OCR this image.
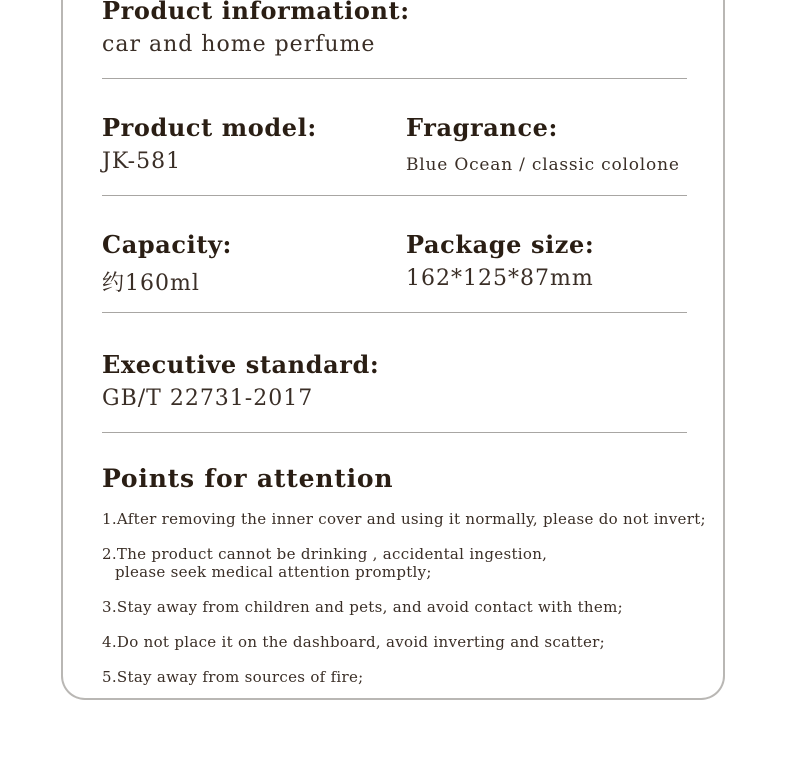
Product informationt:
car and home perfume
Product model:
JK-581
Fragrance:
Blue Ocean / classic cololone
Capacity:
约160ml
Package size:
162*125*87mm
Executive standard:
GB/T 22731-2017
Points for attention
1.After removing the inner cover and using it normally, please do not invert;
2.The product cannot be drinking , accidental ingestion,
please seek medical attention promptly;
3.Stay away from children and pets, and avoid contact with them;
4.Do not place it on the dashboard, avoid inverting and scatter;
5.Stay away from sources of fire;
